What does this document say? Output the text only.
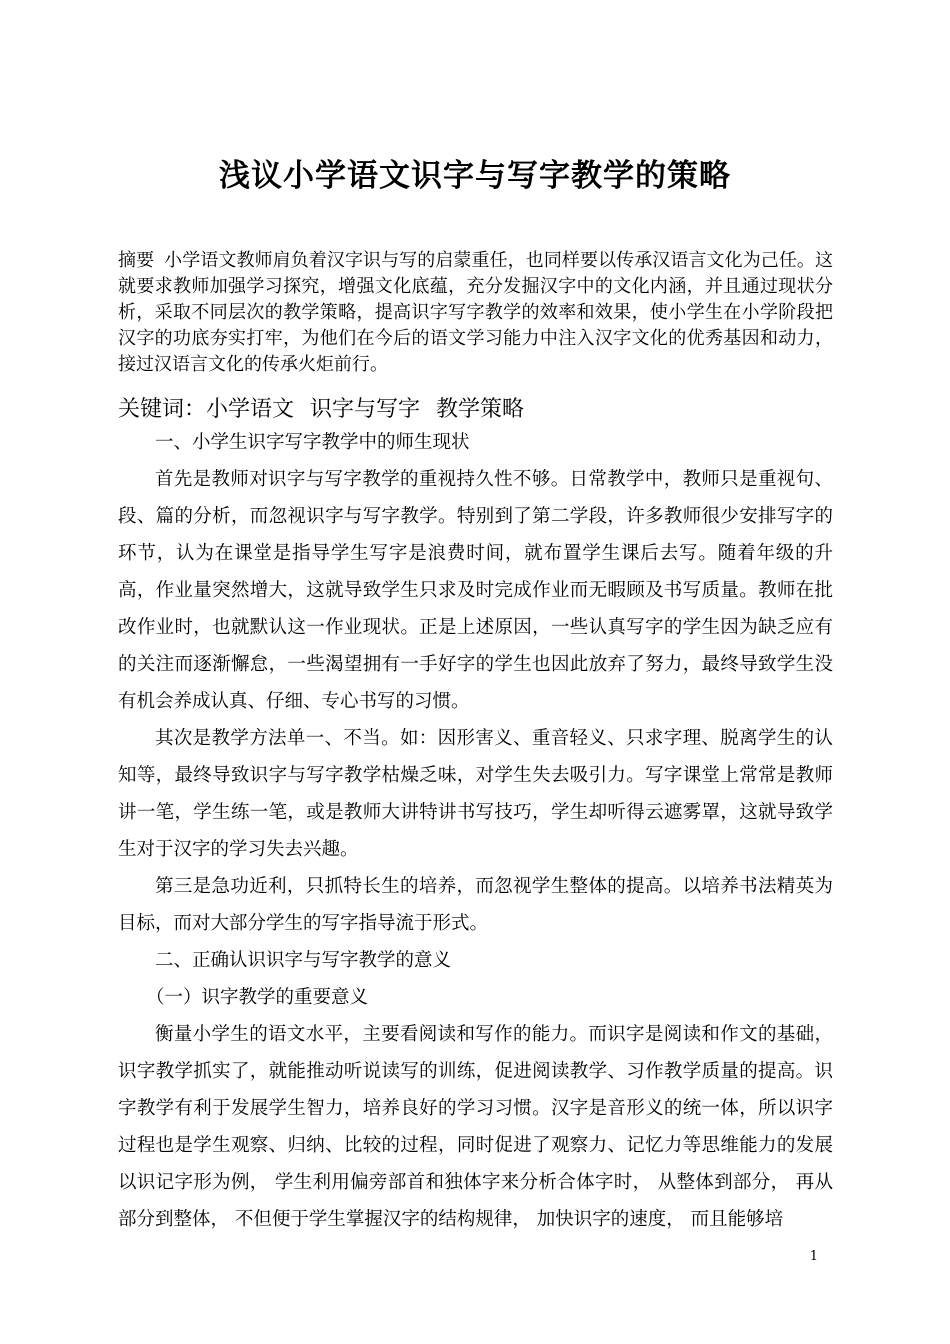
浅议小学语文识字与写字教学的策略
摘要 小学语文教师肩负着汉字识与写的启蒙重任，也同样要以传承汉语言文化为己任。这就要求教师加强学习探究，增强文化底蕴，充分发掘汉字中的文化内涵，并且通过现状分析，采取不同层次的教学策略，提高识字写字教学的效率和效果，使小学生在小学阶段把汉字的功底夯实打牢，为他们在今后的语文学习能力中注入汉字文化的优秀基因和动力，接过汉语言文化的传承火炬前行。
关键词：小学语文 识字与写字 教学策略

一、小学生识字写字教学中的师生现状

首先是教师对识字与写字教学的重视持久性不够。日常教学中，教师只是重视句、段、篇的分析，而忽视识字与写字教学。特别到了第二学段，许多教师很少安排写字的环节，认为在课堂是指导学生写字是浪费时间，就布置学生课后去写。随着年级的升高，作业量突然增大，这就导致学生只求及时完成作业而无暇顾及书写质量。教师在批改作业时，也就默认这一作业现状。正是上述原因，一些认真写字的学生因为缺乏应有的关注而逐渐懈怠，一些渴望拥有一手好字的学生也因此放弃了努力，最终导致学生没有机会养成认真、仔细、专心书写的习惯。

其次是教学方法单一、不当。如：因形害义、重音轻义、只求字理、脱离学生的认知等，最终导致识字与写字教学枯燥乏味，对学生失去吸引力。写字课堂上常常是教师讲一笔，学生练一笔，或是教师大讲特讲书写技巧，学生却听得云遮雾罩，这就导致学生对于汉字的学习失去兴趣。

第三是急功近利，只抓特长生的培养，而忽视学生整体的提高。以培养书法精英为目标，而对大部分学生的写字指导流于形式。

二、正确认识识字与写字教学的意义

（一）识字教学的重要意义

衡量小学生的语文水平，主要看阅读和写作的能力。而识字是阅读和作文的基础，识字教学抓实了，就能推动听说读写的训练，促进阅读教学、习作教学质量的提高。识字教学有利于发展学生智力，培养良好的学习习惯。汉字是音形义的统一体，所以识字过程也是学生观察、归纳、比较的过程，同时促进了观察力、记忆力等思维能力的发展以识记字形为例， 学生利用偏旁部首和独体字来分析合体字时， 从整体到部分， 再从部分到整体， 不但便于学生掌握汉字的结构规律， 加快识字的速度， 而且能够培

1
